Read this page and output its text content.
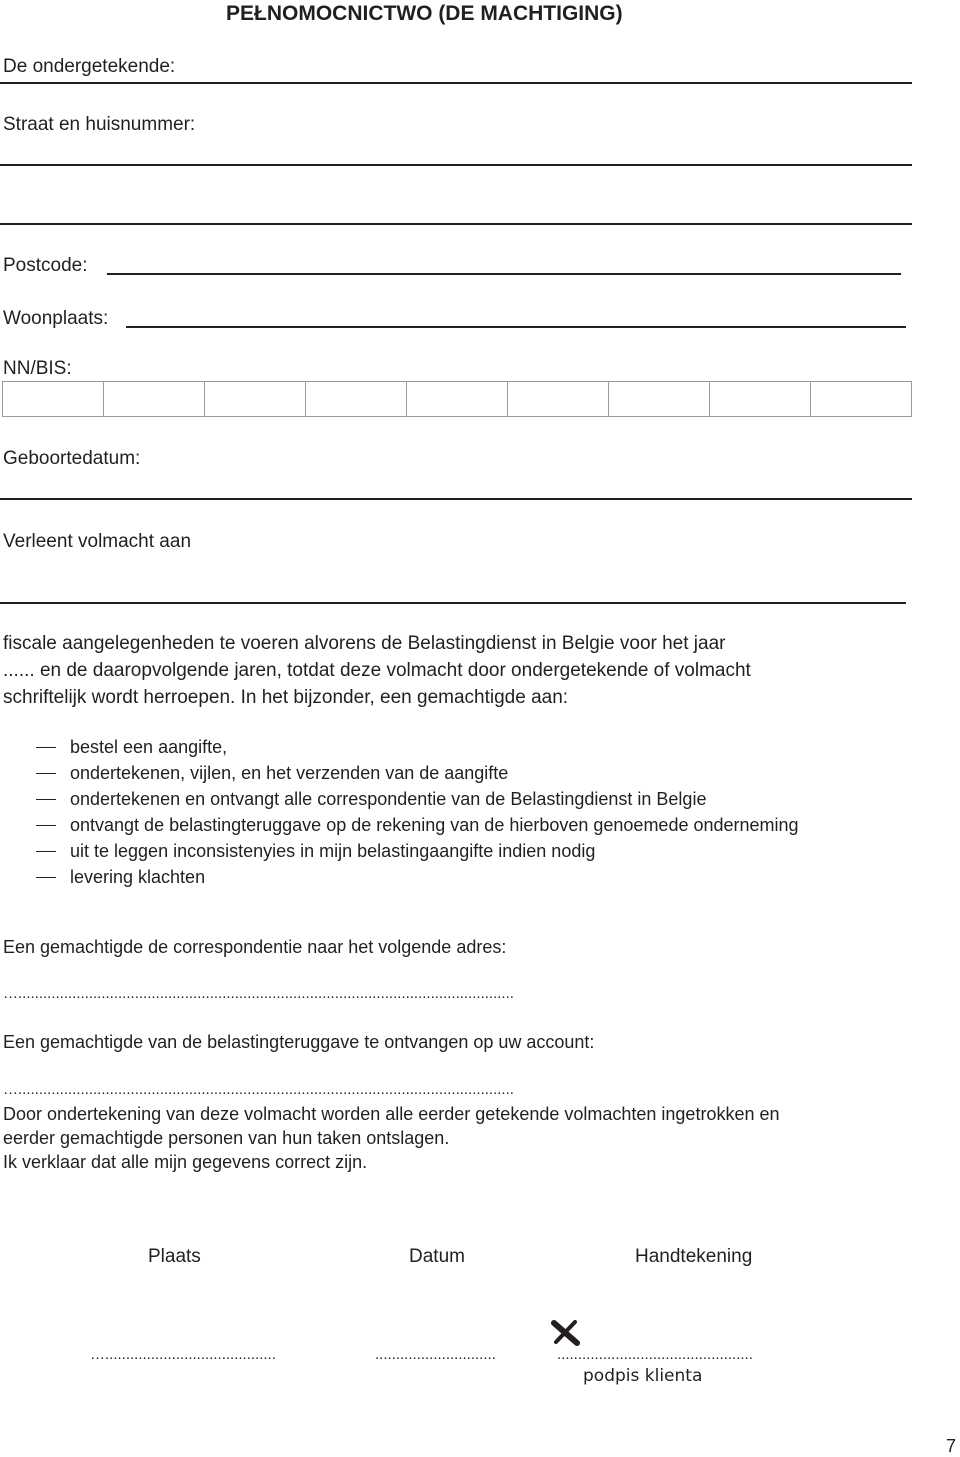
PEŁNOMOCNICTWO (DE MACHTIGING)
De ondergetekende:
Straat en huisnummer:
Postcode:
Woonplaats:
NN/BIS:
Geboortedatum:
Verleent volmacht aan

fiscale aangelegenheden te voeren alvorens de Belastingdienst in Belgie voor het jaar

...... en de daaropvolgende jaren, totdat deze volmacht door ondergetekende of volmacht

schriftelijk wordt herroepen. In het bijzonder, een gemachtigde aan:

bestel een aangifte,
ondertekenen, vijlen, en het verzenden van de aangifte
ondertekenen en ontvangt alle correspondentie van de Belastingdienst in Belgie
ontvangt de belastingteruggave op de rekening van de hierboven genoemede onderneming
uit te leggen inconsistenyies in mijn belastingaangifte indien nodig
levering klachten
Een gemachtigde de correspondentie naar het volgende adres:
….......................................................................................................................
Een gemachtigde van de belastingteruggave te ontvangen op uw account:
….......................................................................................................................

Door ondertekening van deze volmacht worden alle eerder getekende volmachten ingetrokken en

eerder gemachtigde personen van hun taken ontslagen.

Ik verklaar dat alle mijn gegevens correct zijn.

Plaats	Datum	Handtekening
….........................................	.............................	...............................................
podpis klienta
7
